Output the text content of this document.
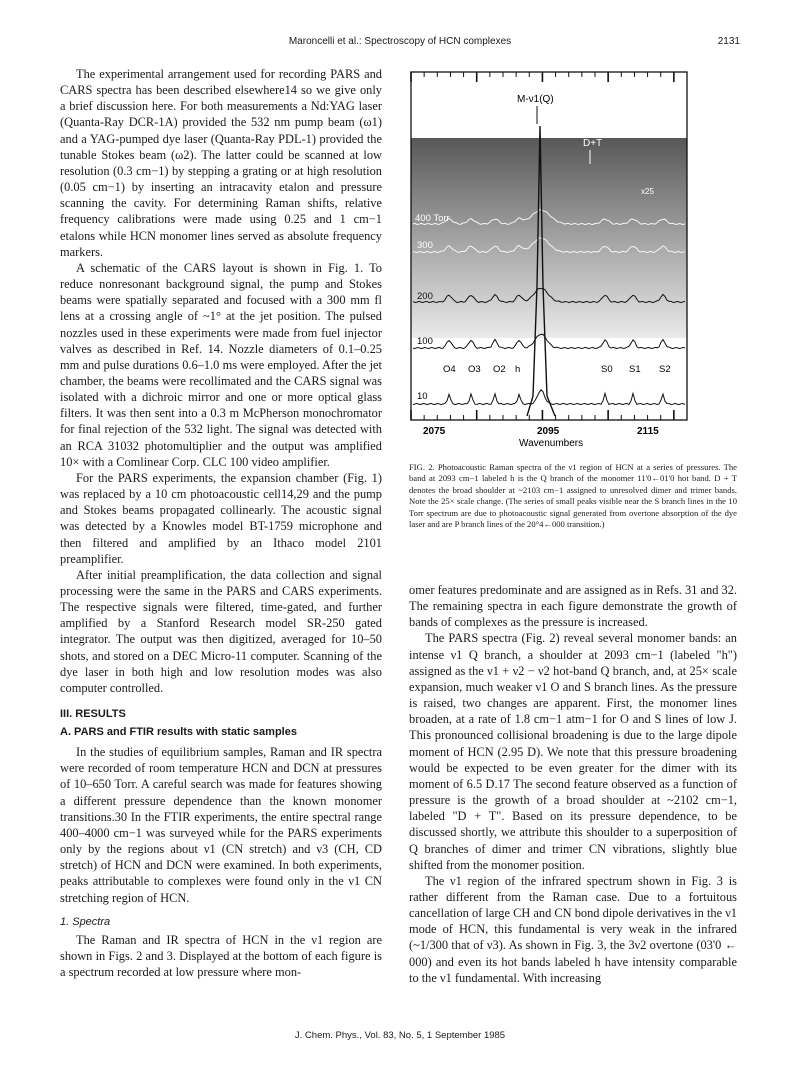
Maroncelli et al.: Spectroscopy of HCN complexes	2131

The experimental arrangement used for recording PARS and CARS spectra has been described elsewhere14 so we give only a brief discussion here. For both measurements a Nd:YAG laser (Quanta-Ray DCR-1A) provided the 532 nm pump beam (ω1) and a YAG-pumped dye laser (Quanta-Ray PDL-1) provided the tunable Stokes beam (ω2). The latter could be scanned at low resolution (0.3 cm−1) by stepping a grating or at high resolution (0.05 cm−1) by inserting an intracavity etalon and pressure scanning the cavity. For determining Raman shifts, relative frequency calibrations were made using 0.25 and 1 cm−1 etalons while HCN monomer lines served as absolute frequency markers.

A schematic of the CARS layout is shown in Fig. 1. To reduce nonresonant background signal, the pump and Stokes beams were spatially separated and focused with a 300 mm fl lens at a crossing angle of ~1° at the jet position. The pulsed nozzles used in these experiments were made from fuel injector valves as described in Ref. 14. Nozzle diameters of 0.1–0.25 mm and pulse durations 0.6–1.0 ms were employed. After the jet chamber, the beams were recollimated and the CARS signal was isolated with a dichroic mirror and one or more optical glass filters. It was then sent into a 0.3 m McPherson monochromator for final rejection of the 532 light. The signal was detected with an RCA 31032 photomultiplier and the output was amplified 10× with a Comlinear Corp. CLC 100 video amplifier.

For the PARS experiments, the expansion chamber (Fig. 1) was replaced by a 10 cm photoacoustic cell14,29 and the pump and Stokes beams propagated collinearly. The acoustic signal was detected by a Knowles model BT-1759 microphone and then filtered and amplified by an Ithaco model 2101 preamplifier.

After initial preamplification, the data collection and signal processing were the same in the PARS and CARS experiments. The respective signals were filtered, time-gated, and further amplified by a Stanford Research model SR-250 gated integrator. The output was then digitized, averaged for 10–50 shots, and stored on a DEC Micro-11 computer. Scanning of the dye laser in both high and low resolution modes was also computer controlled.

III. RESULTS
A. PARS and FTIR results with static samples

In the studies of equilibrium samples, Raman and IR spectra were recorded of room temperature HCN and DCN at pressures of 10–650 Torr. A careful search was made for features showing a different pressure dependence than the known monomer transitions.30 In the FTIR experiments, the entire spectral range 400–4000 cm−1 was surveyed while for the PARS experiments only by the regions about ν1 (CN stretch) and ν3 (CH, CD stretch) of HCN and DCN were examined. In both experiments, peaks attributable to complexes were found only in the ν1 CN stretching region of HCN.

1. Spectra

The Raman and IR spectra of HCN in the ν1 region are shown in Figs. 2 and 3. Displayed at the bottom of each figure is a spectrum recorded at low pressure where mon-

M-ν1(Q)
D+T
x25
400 Torr
300
200
100
10
O4 O3 O2 h	S0 S1 S2
2075	2095	2115
Wavenumbers
FIG. 2. Photoacoustic Raman spectra of the ν1 region of HCN at a series of pressures. The band at 2093 cm−1 labeled h is the Q branch of the monomer 11'0←01'0 hot band. D + T denotes the broad shoulder at ~2103 cm−1 assigned to unresolved dimer and trimer bands. Note the 25× scale change. (The series of small peaks visible near the S branch lines in the 10 Torr spectrum are due to photoacoustic signal generated from overtone absorption of the dye laser and are P branch lines of the 20°4←000 transition.)

omer features predominate and are assigned as in Refs. 31 and 32. The remaining spectra in each figure demonstrate the growth of bands of complexes as the pressure is increased.

The PARS spectra (Fig. 2) reveal several monomer bands: an intense ν1 Q branch, a shoulder at 2093 cm−1 (labeled "h") assigned as the ν1 + ν2 − ν2 hot-band Q branch, and, at 25× scale expansion, much weaker ν1 O and S branch lines. As the pressure is raised, two changes are apparent. First, the monomer lines broaden, at a rate of 1.8 cm−1 atm−1 for O and S lines of low J. This pronounced collisional broadening is due to the large dipole moment of HCN (2.95 D). We note that this pressure broadening would be expected to be even greater for the dimer with its moment of 6.5 D.17 The second feature observed as a function of pressure is the growth of a broad shoulder at ~2102 cm−1, labeled "D + T". Based on its pressure dependence, to be discussed shortly, we attribute this shoulder to a superposition of Q branches of dimer and trimer CN vibrations, slightly blue shifted from the monomer position.

The ν1 region of the infrared spectrum shown in Fig. 3 is rather different from the Raman case. Due to a fortuitous cancellation of large CH and CN bond dipole derivatives in the ν1 mode of HCN, this fundamental is very weak in the infrared (~1/300 that of ν3). As shown in Fig. 3, the 3ν2 overtone (03'0 ← 000) and even its hot bands labeled h have intensity comparable to the ν1 fundamental. With increasing

J. Chem. Phys., Vol. 83, No. 5, 1 September 1985
